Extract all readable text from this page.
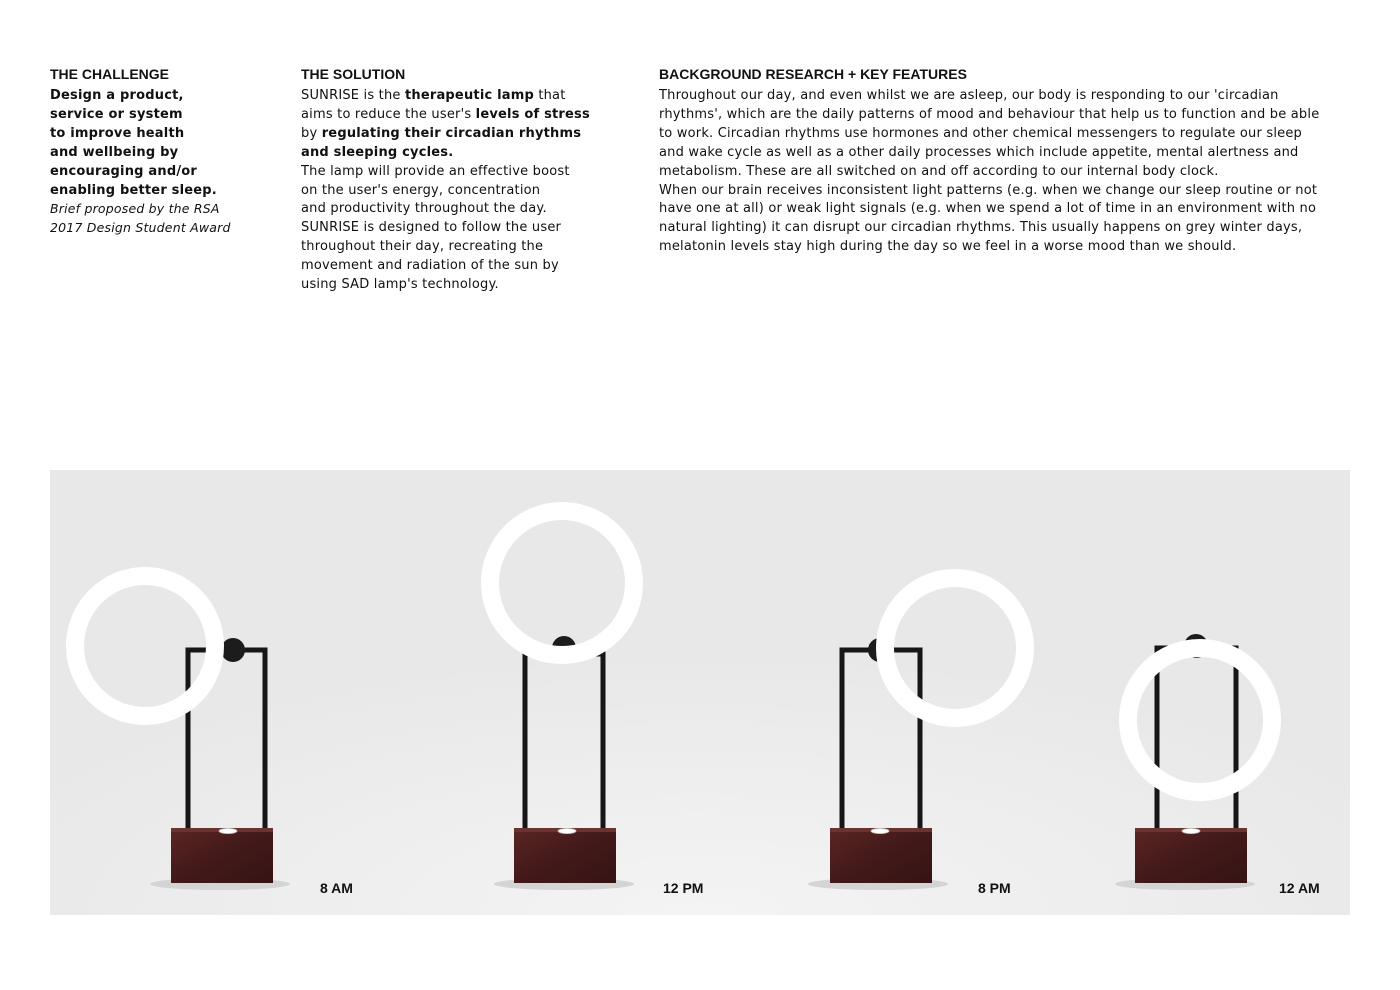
THE CHALLENGE

Design a product,

service or system

to improve health

and wellbeing by

encouraging and/or

enabling better sleep.

Brief proposed by the RSA

2017 Design Student Award

THE SOLUTION

SUNRISE is the therapeutic lamp that

aims to reduce the user's levels of stress

by regulating their circadian rhythms

and sleeping cycles.

The lamp will provide an effective boost

on the user's energy, concentration

and productivity throughout the day.

SUNRISE is designed to follow the user

throughout their day, recreating the

movement and radiation of the sun by

using SAD lamp's technology.

BACKGROUND RESEARCH + KEY FEATURES

Throughout our day, and even whilst we are asleep, our body is responding to our 'circadian

rhythms', which are the daily patterns of mood and behaviour that help us to function and be able

to work. Circadian rhythms use hormones and other chemical messengers to regulate our sleep

and wake cycle as well as a other daily processes which include appetite, mental alertness and

metabolism. These are all switched on and off according to our internal body clock.

When our brain receives inconsistent light patterns (e.g. when we change our sleep routine or not

have one at all) or weak light signals (e.g. when we spend a lot of time in an environment with no

natural lighting) it can disrupt our circadian rhythms. This usually happens on grey winter days,

melatonin levels stay high during the day so we feel in a worse mood than we should.

8 AM	12 PM	8 PM	12 AM
